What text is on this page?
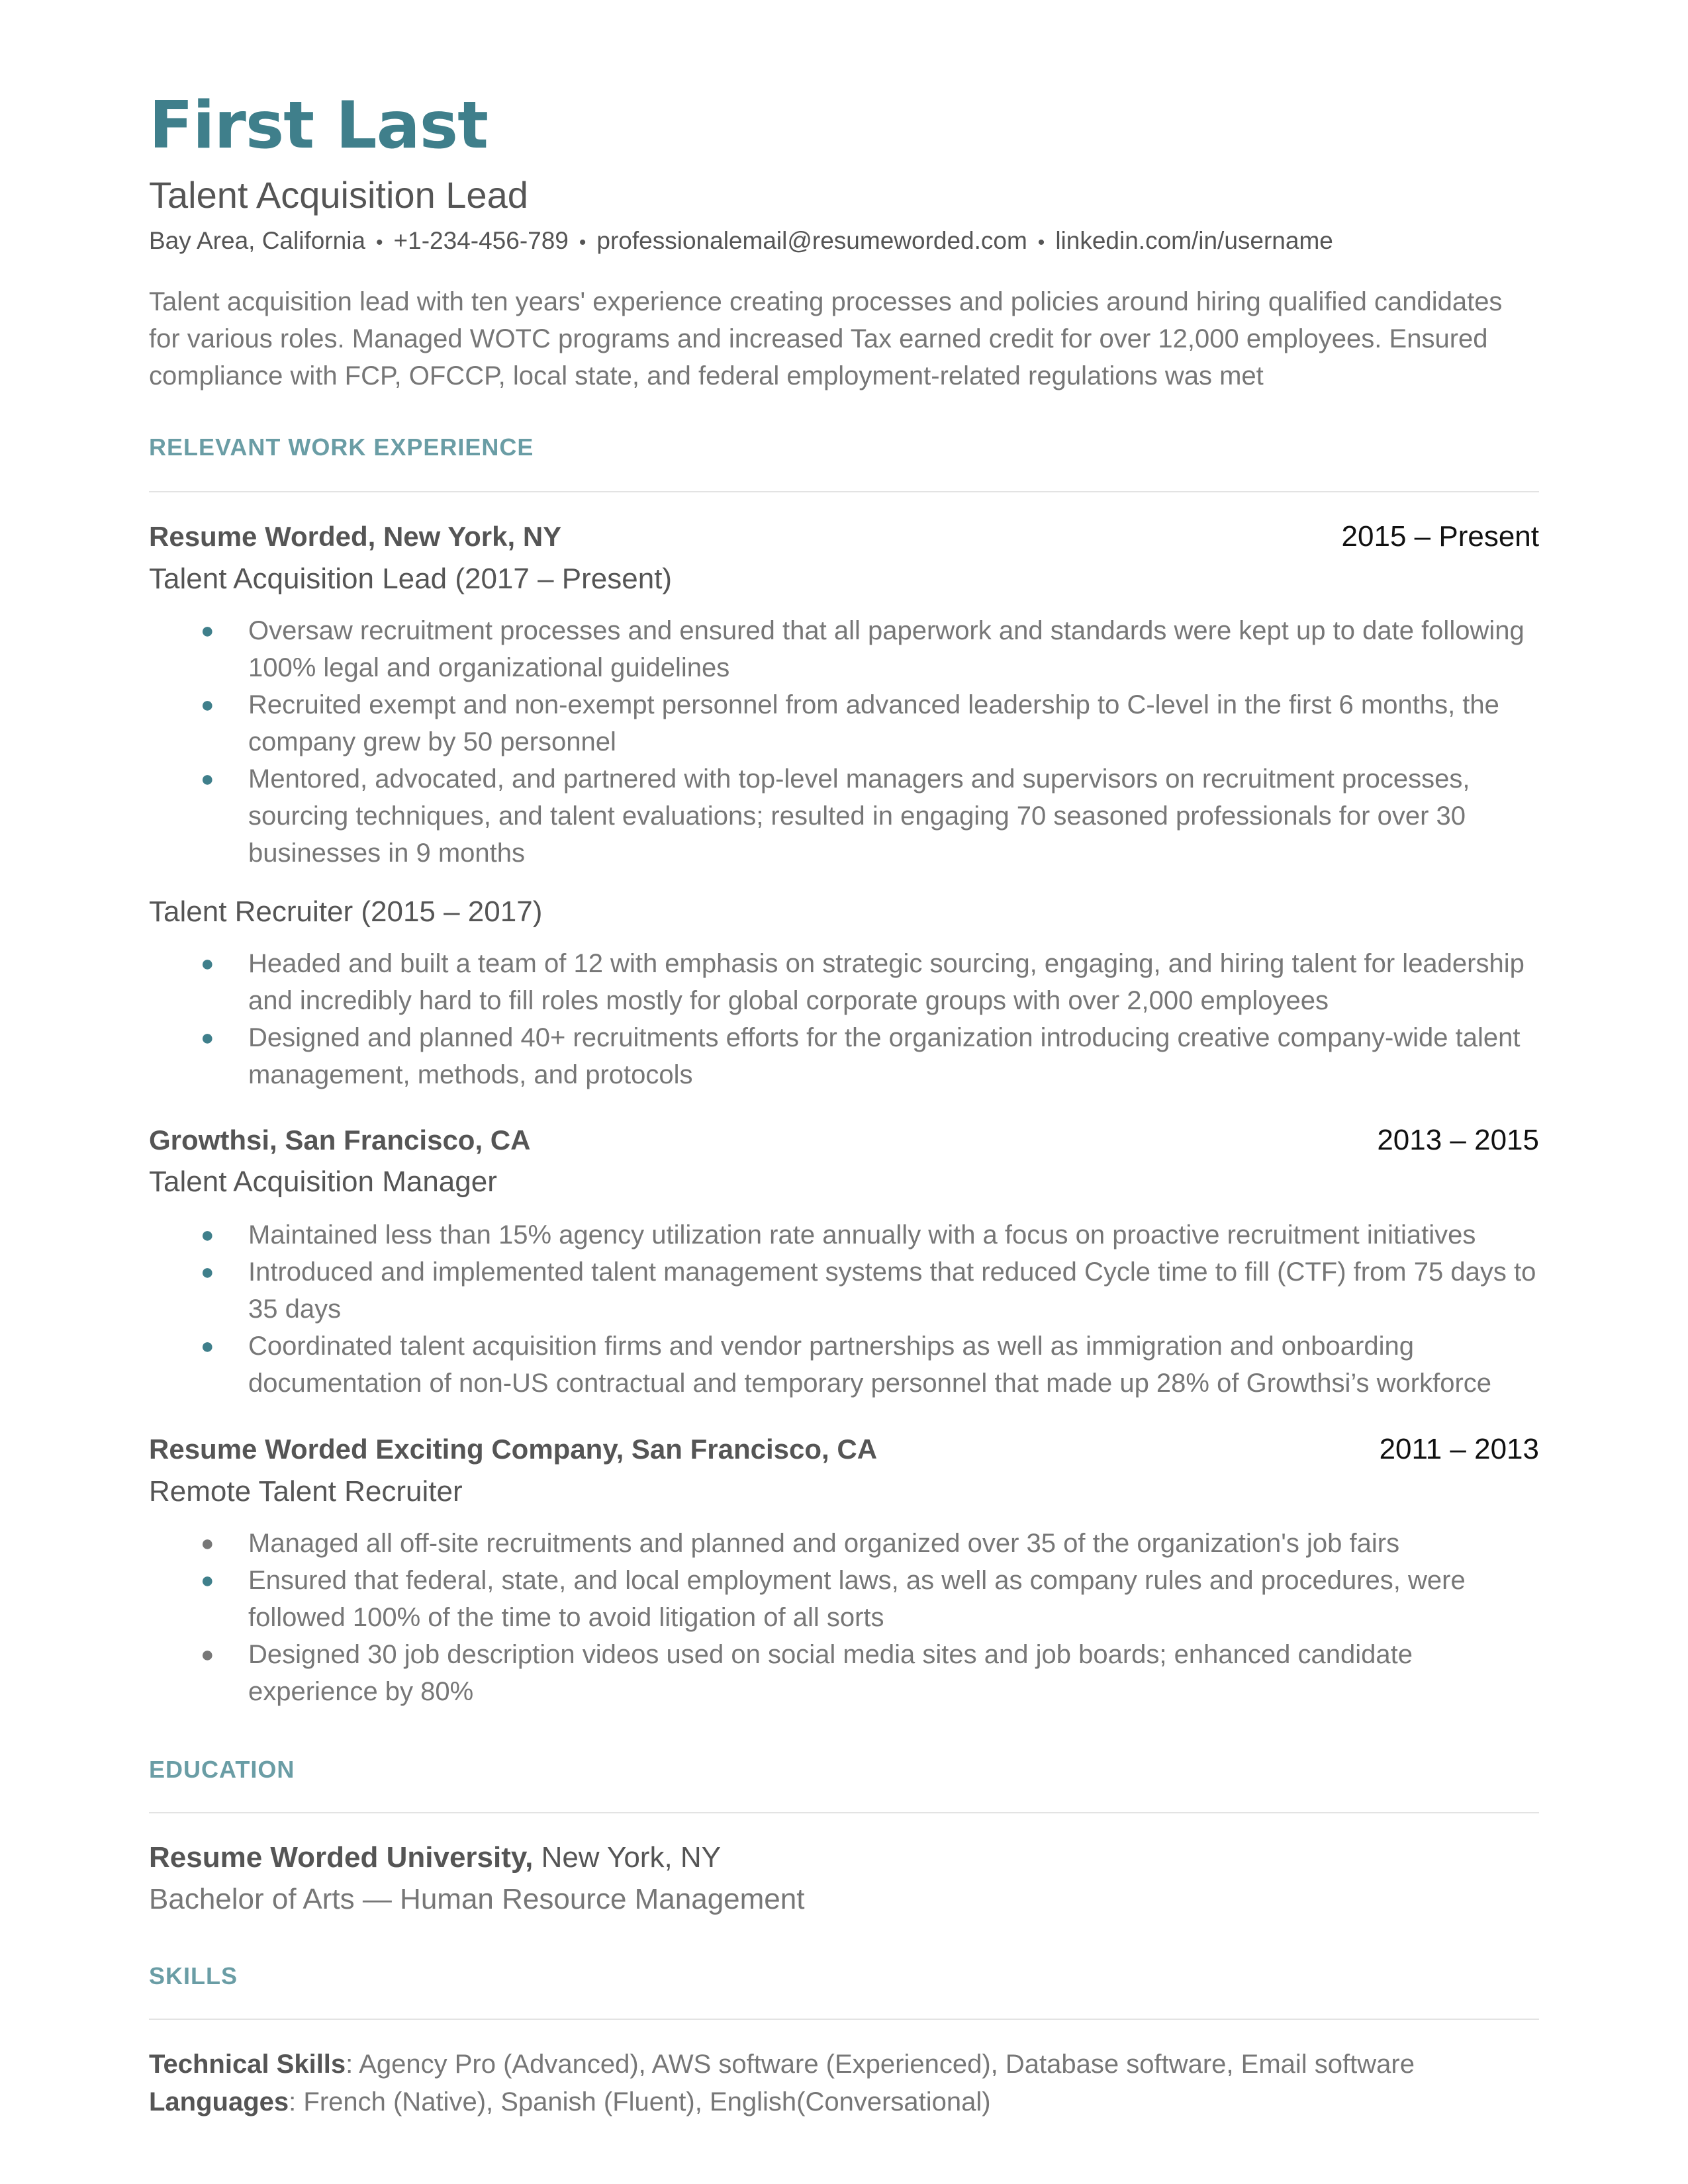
First Last
Talent Acquisition Lead
Bay Area, California • +1-234-456-789 • professionalemail@resumeworded.com • linkedin.com/in/username
Talent acquisition lead with ten years' experience creating processes and policies around hiring qualified candidates for various roles. Managed WOTC programs and increased Tax earned credit for over 12,000 employees. Ensured compliance with FCP, OFCCP, local state, and federal employment-related regulations was met
RELEVANT WORK EXPERIENCE
Resume Worded, New York, NY	2015 – Present
Talent Acquisition Lead (2017 – Present)
● Oversaw recruitment processes and ensured that all paperwork and standards were kept up to date following 100% legal and organizational guidelines
● Recruited exempt and non-exempt personnel from advanced leadership to C-level in the first 6 months, the company grew by 50 personnel
● Mentored, advocated, and partnered with top-level managers and supervisors on recruitment processes, sourcing techniques, and talent evaluations; resulted in engaging 70 seasoned professionals for over 30 businesses in 9 months
Talent Recruiter (2015 – 2017)
● Headed and built a team of 12 with emphasis on strategic sourcing, engaging, and hiring talent for leadership and incredibly hard to fill roles mostly for global corporate groups with over 2,000 employees
● Designed and planned 40+ recruitments efforts for the organization introducing creative company-wide talent management, methods, and protocols
Growthsi, San Francisco, CA	2013 – 2015
Talent Acquisition Manager
● Maintained less than 15% agency utilization rate annually with a focus on proactive recruitment initiatives
● Introduced and implemented talent management systems that reduced Cycle time to fill (CTF) from 75 days to 35 days
● Coordinated talent acquisition firms and vendor partnerships as well as immigration and onboarding documentation of non-US contractual and temporary personnel that made up 28% of Growthsi’s workforce
Resume Worded Exciting Company, San Francisco, CA	2011 – 2013
Remote Talent Recruiter
● Managed all off-site recruitments and planned and organized over 35 of the organization's job fairs
● Ensured that federal, state, and local employment laws, as well as company rules and procedures, were followed 100% of the time to avoid litigation of all sorts
● Designed 30 job description videos used on social media sites and job boards; enhanced candidate experience by 80%
EDUCATION
Resume Worded University, New York, NY
Bachelor of Arts — Human Resource Management
SKILLS
Technical Skills: Agency Pro (Advanced), AWS software (Experienced), Database software, Email software
Languages: French (Native), Spanish (Fluent), English(Conversational)
